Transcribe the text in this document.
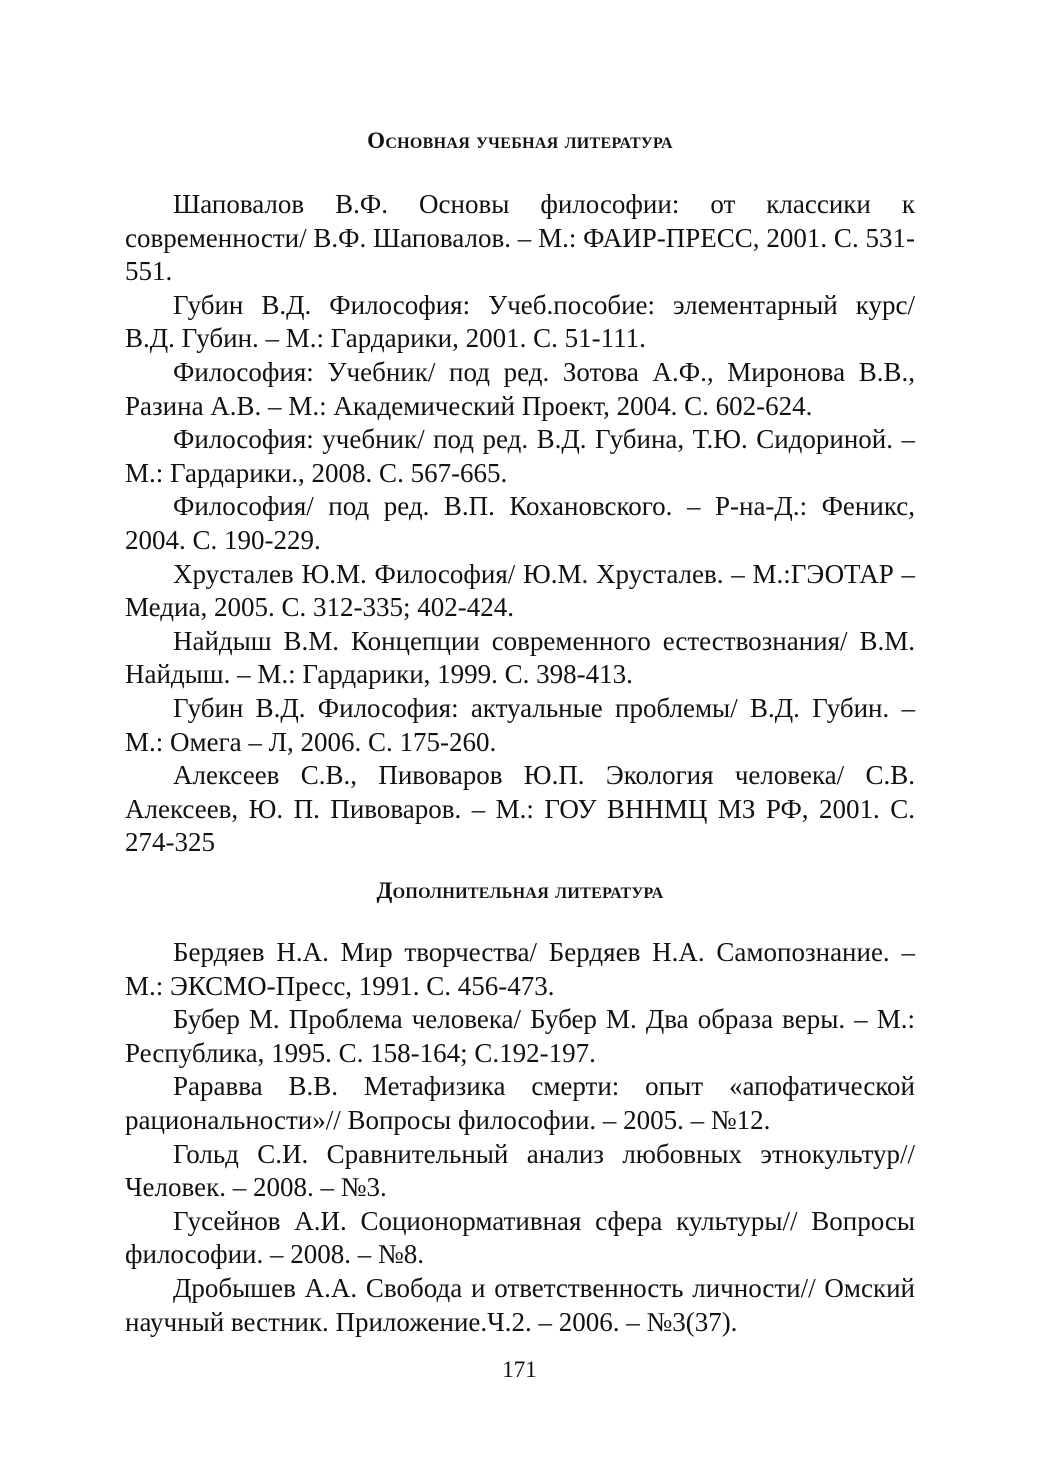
Основная учебная литература
Шаповалов В.Ф. Основы философии: от классики к современности/ В.Ф. Шаповалов. – М.: ФАИР-ПРЕСС, 2001. С. 531-551.
Губин В.Д. Философия: Учеб.пособие: элементарный курс/ В.Д. Губин. – М.: Гардарики, 2001. С. 51-111.
Философия: Учебник/ под ред. Зотова А.Ф., Миронова В.В., Разина А.В. – М.: Академический Проект, 2004. С. 602-624.
Философия: учебник/ под ред. В.Д. Губина, Т.Ю. Сидориной. – М.: Гардарики., 2008. С. 567-665.
Философия/ под ред. В.П. Кохановского. – Р-на-Д.: Феникс, 2004. С. 190-229.
Хрусталев Ю.М. Философия/ Ю.М. Хрусталев. – М.:ГЭОТАР – Медиа, 2005. С. 312-335; 402-424.
Найдыш В.М. Концепции современного естествознания/ В.М. Найдыш. – М.: Гардарики, 1999. С. 398-413.
Губин В.Д. Философия: актуальные проблемы/ В.Д. Губин. – М.: Омега – Л, 2006. С. 175-260.
Алексеев С.В., Пивоваров Ю.П. Экология человека/ С.В. Алексеев, Ю. П. Пивоваров. – М.: ГОУ ВННМЦ МЗ РФ, 2001. С. 274-325
Дополнительная литература
Бердяев Н.А. Мир творчества/ Бердяев Н.А. Самопознание. – М.: ЭКСМО-Пресс, 1991. С. 456-473.
Бубер М. Проблема человека/ Бубер М. Два образа веры. – М.: Республика, 1995. С. 158-164; С.192-197.
Раравва В.В. Метафизика смерти: опыт «апофатической рациональности»// Вопросы философии. – 2005. – №12.
Гольд С.И. Сравнительный анализ любовных этнокультур// Человек. – 2008. – №3.
Гусейнов А.И. Соционормативная сфера культуры// Вопросы философии. – 2008. – №8.
Дробышев А.А. Свобода и ответственность личности// Омский научный вестник. Приложение.Ч.2. – 2006. – №3(37).
171
